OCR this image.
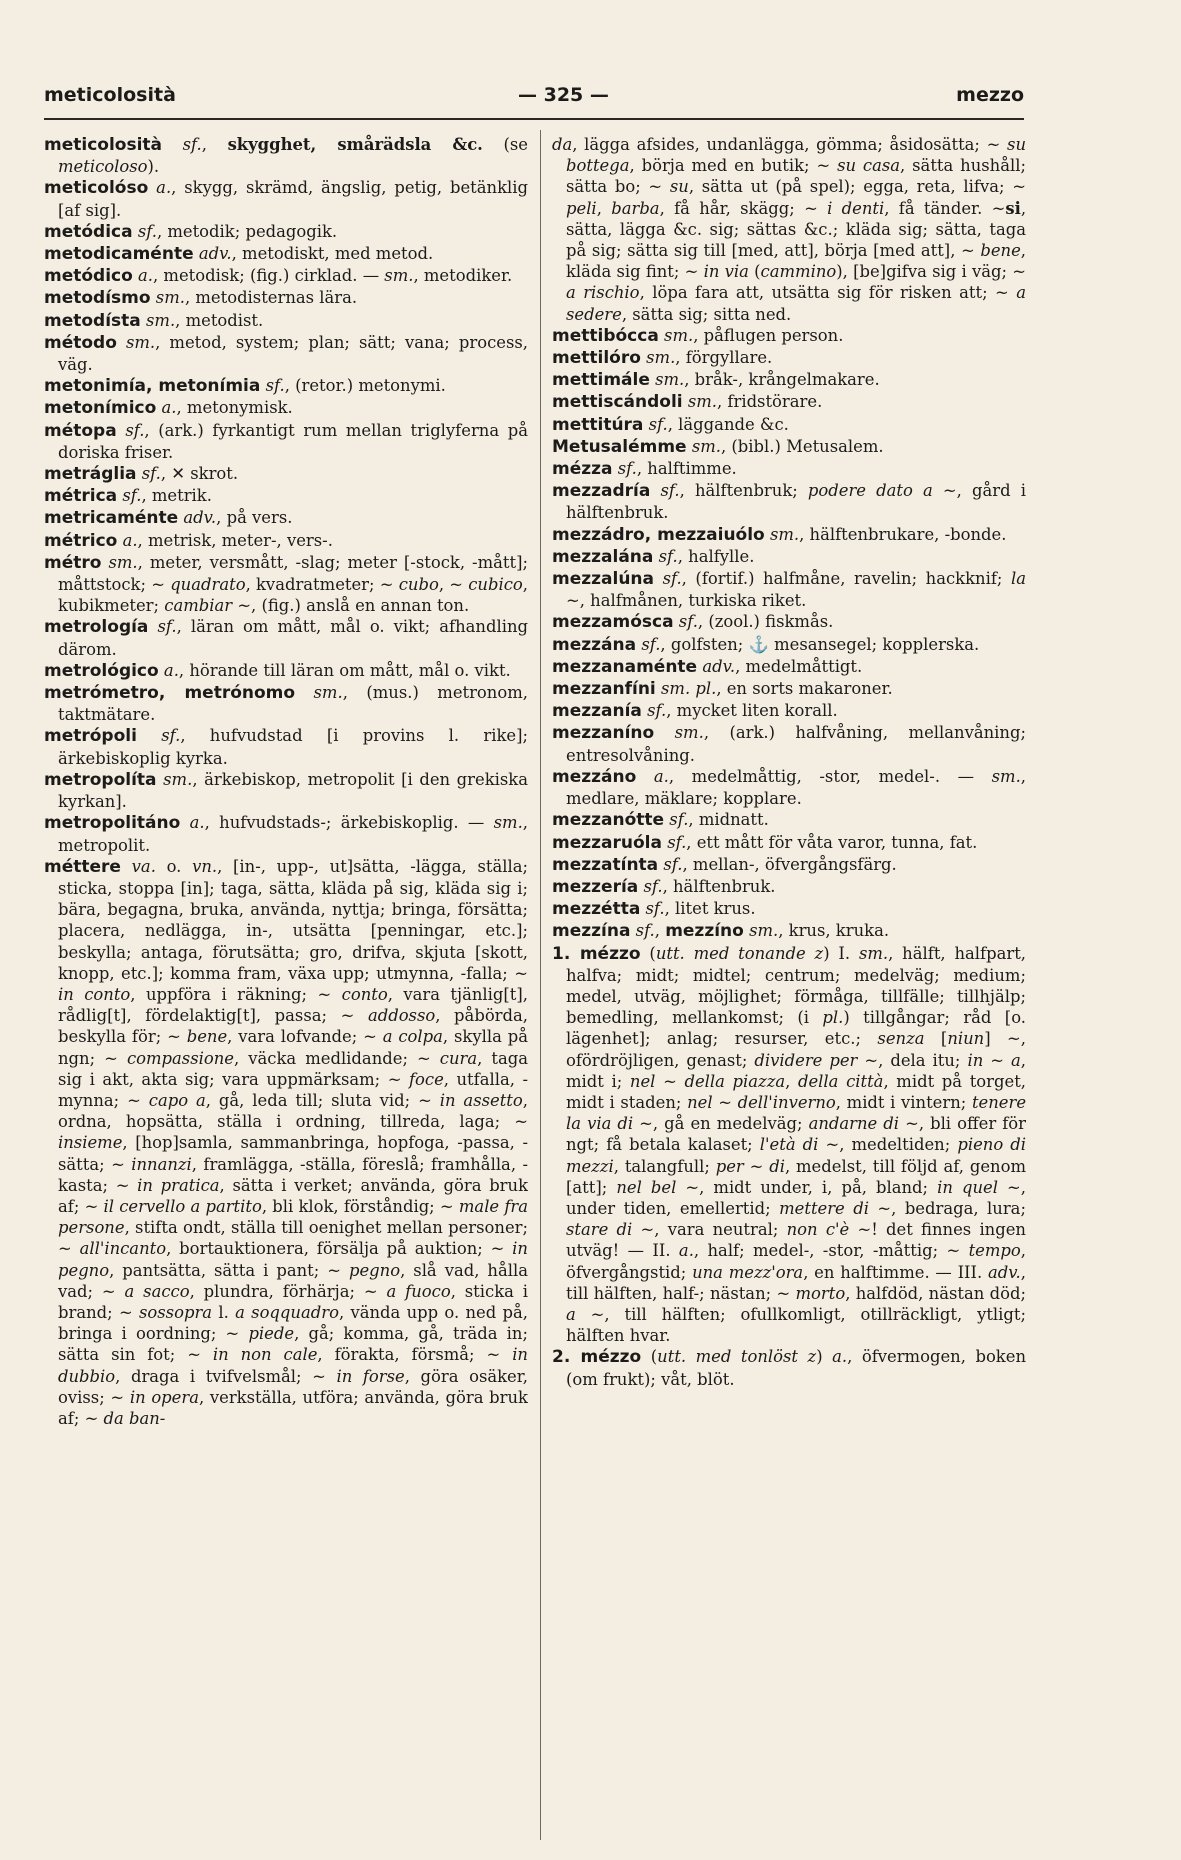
meticolosità	— 325 —	mezzo

meticolosità sf., skygghet, smårädsla &c. (se meticoloso).

meticolóso a., skygg, skrämd, ängslig, petig, betänklig [af sig].

metódica sf., metodik; pedagogik.

metodicaménte adv., metodiskt, med metod.

metódico a., metodisk; (fig.) cirklad. — sm., metodiker.

metodísmo sm., metodisternas lära.

metodísta sm., metodist.

métodо sm., metod, system; plan; sätt; vana; process, väg.

metonimía, metonímia sf., (retor.) metonymi.

metonímico a., metonymisk.

métopa sf., (ark.) fyrkantigt rum mellan triglyferna på doriska friser.

metráglia sf., ✕ skrot.

métrica sf., metrik.

metricaménte adv., på vers.

métrico a., metrisk, meter-, vers-.

métro sm., meter, versmått, -slag; meter [-stock, -mått]; måttstock; ~ quadrato, kvadratmeter; ~ cubo, ~ cubico, kubikmeter; cambiar ~, (fig.) anslå en annan ton.

metrología sf., läran om mått, mål o. vikt; afhandling därom.

metrológico a., hörande till läran om mått, mål o. vikt.

metrómetro, metrónomo sm., (mus.) metronom, taktmätare.

metrópoli sf., hufvudstad [i provins l. rike]; ärkebiskoplig kyrka.

metropolíta sm., ärkebiskop, metropolit [i den grekiska kyrkan].

metropolitáno a., hufvudstads-; ärkebiskoplig. — sm., metropolit.

méttere va. o. vn., [in-, upp-, ut]sätta, -lägga, ställa; sticka, stoppa [in]; taga, sätta, kläda på sig, kläda sig i; bära, begagna, bruka, använda, nyttja; bringa, försätta; placera, nedlägga, in-, utsätta [penningar, etc.]; beskylla; antaga, förutsätta; gro, drifva, skjuta [skott, knopp, etc.]; komma fram, växa upp; utmynna, -falla; ~ in conto, uppföra i räkning; ~ conto, vara tjänlig[t], rådlig[t], fördelaktig[t], passa; ~ addosso, påbörda, beskylla för; ~ bene, vara lofvande; ~ a colpa, skylla på ngn; ~ compassione, väcka medlidande; ~ cura, taga sig i akt, akta sig; vara uppmärksam; ~ foce, utfalla, -mynna; ~ capo a, gå, leda till; sluta vid; ~ in assetto, ordna, hopsätta, ställa i ordning, tillreda, laga; ~ insieme, [hop]samla, sammanbringa, hopfoga, -passa, -sätta; ~ innanzi, framlägga, -ställa, föreslå; framhålla, -kasta; ~ in pratica, sätta i verket; använda, göra bruk af; ~ il cervello a partito, bli klok, förståndig; ~ male fra persone, stifta ondt, ställa till oenighet mellan personer; ~ all'incanto, bortauktionera, försälja på auktion; ~ in pegno, pantsätta, sätta i pant; ~ pegno, slå vad, hålla vad; ~ a sacco, plundra, förhärja; ~ a fuoco, sticka i brand; ~ sossopra l. a soqquadro, vända upp o. ned på, bringa i oordning; ~ piede, gå; komma, gå, träda in; sätta sin fot; ~ in non cale, förakta, försmå; ~ in dubbio, draga i tvifvelsmål; ~ in forse, göra osäker, oviss; ~ in opera, verkställa, utföra; använda, göra bruk af; ~ da ban-

da, lägga afsides, undanlägga, gömma; åsidosätta; ~ su bottega, börja med en butik; ~ su casa, sätta hushåll; sätta bo; ~ su, sätta ut (på spel); egga, reta, lifva; ~ peli, barba, få hår, skägg; ~ i denti, få tänder. ~si, sätta, lägga &c. sig; sättas &c.; kläda sig; sätta, taga på sig; sätta sig till [med, att], börja [med att], ~ bene, kläda sig fint; ~ in via (cammino), [be]gifva sig i väg; ~ a rischio, löpa fara att, utsätta sig för risken att; ~ a sedere, sätta sig; sitta ned.

mettibócca sm., påflugen person.

mettilóro sm., förgyllare.

mettimále sm., bråk-, krångelmakare.

mettiscándoli sm., fridstörare.

mettitúra sf., läggande &c.

Metusalémme sm., (bibl.) Metusalem.

mézza sf., halftimme.

mezzadría sf., hälftenbruk; podere dato a ~, gård i hälftenbruk.

mezzádro, mezzaiuólo sm., hälftenbrukare, -bonde.

mezzalána sf., halfylle.

mezzalúna sf., (fortif.) halfmåne, ravelin; hackknif; la ~, halfmånen, turkiska riket.

mezzamósca sf., (zool.) fiskmås.

mezzána sf., golfsten; ⚓ mesansegel; kopplerska.

mezzanaménte adv., medelmåttigt.

mezzanfíni sm. pl., en sorts makaroner.

mezzanía sf., mycket liten korall.

mezzaníno sm., (ark.) halfvåning, mellanvåning; entresolvåning.

mezzáno a., medelmåttig, -stor, medel-. — sm., medlare, mäklare; kopplare.

mezzanótte sf., midnatt.

mezzaruóla sf., ett mått för våta varor, tunna, fat.

mezzatínta sf., mellan-, öfvergångsfärg.

mezzería sf., hälftenbruk.

mezzétta sf., litet krus.

mezzína sf., mezzíno sm., krus, kruka.

1. mézzo (utt. med tonande z) I. sm., hälft, halfpart, halfva; midt; midtel; centrum; medelväg; medium; medel, utväg, möjlighet; förmåga, tillfälle; tillhjälp; bemedling, mellankomst; (i pl.) tillgångar; råd [o. lägenhet]; anlag; resurser, etc.; senza [niun] ~, ofördröjligen, genast; dividere per ~, dela itu; in ~ a, midt i; nel ~ della piazza, della città, midt på torget, midt i staden; nel ~ dell'inverno, midt i vintern; tenere la via di ~, gå en medelväg; andarne di ~, bli offer för ngt; få betala kalaset; l'età di ~, medeltiden; pieno di mezzi, talangfull; per ~ di, medelst, till följd af, genom [att]; nel bel ~, midt under, i, på, bland; in quel ~, under tiden, emellertid; mettere di ~, bedraga, lura; stare di ~, vara neutral; non c'è ~! det finnes ingen utväg! — II. a., half; medel-, -stor, -måttig; ~ tempo, öfvergångstid; una mezz'ora, en halftimme. — III. adv., till hälften, half-; nästan; ~ morto, halfdöd, nästan död; a ~, till hälften; ofullkomligt, otillräckligt, ytligt; hälften hvar.

2. mézzo (utt. med tonlöst z) a., öfvermogen, boken (om frukt); våt, blöt.
